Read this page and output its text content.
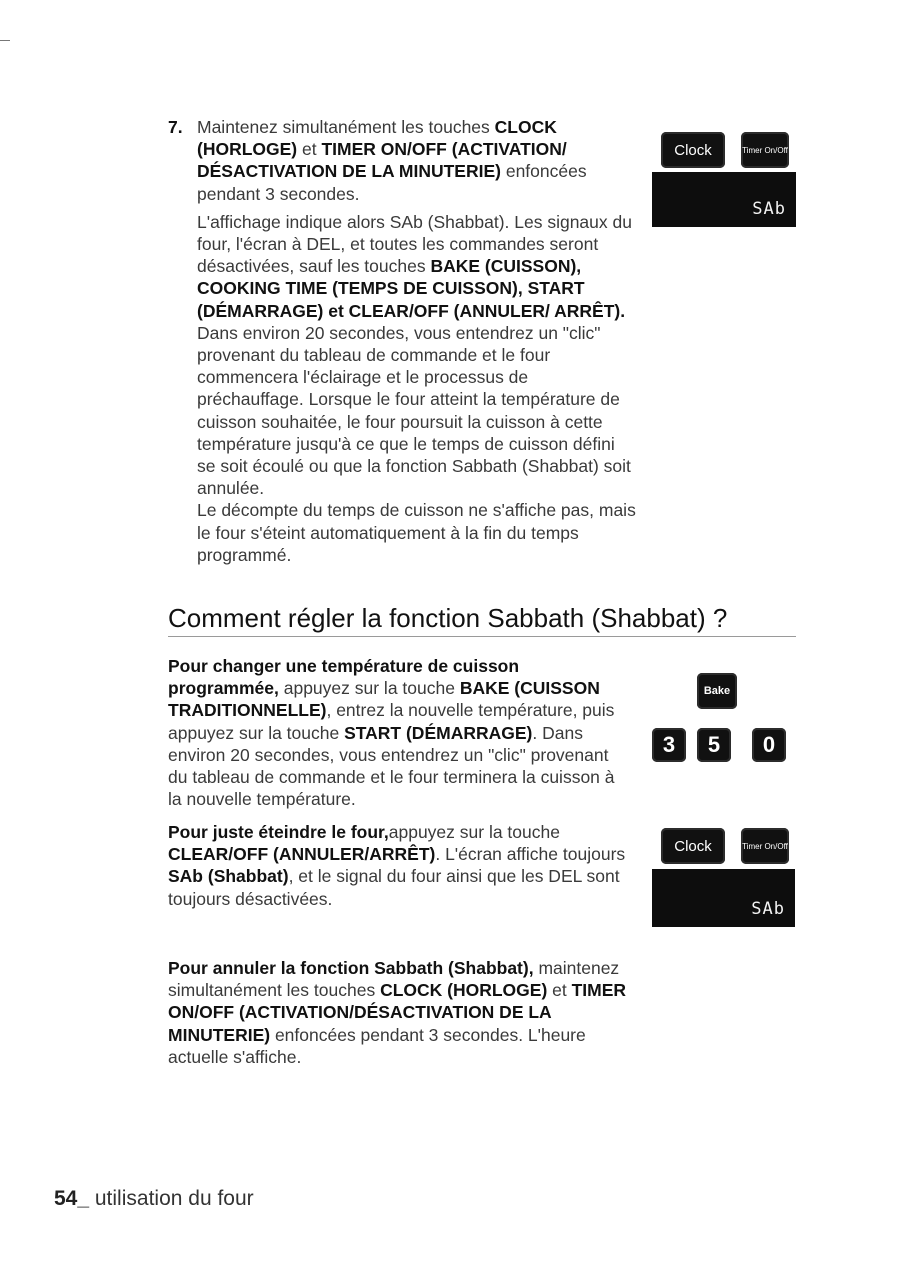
7. Maintenez simultanément les touches CLOCK (HORLOGE) et TIMER ON/OFF (ACTIVATION/ DÉSACTIVATION DE LA MINUTERIE) enfoncées pendant 3 secondes.

L'affichage indique alors SAb (Shabbat). Les signaux du four, l'écran à DEL, et toutes les commandes seront désactivées, sauf les touches BAKE (CUISSON), COOKING TIME (TEMPS DE CUISSON), START (DÉMARRAGE) et CLEAR/OFF (ANNULER/ ARRÊT).

Dans environ 20 secondes, vous entendrez un "clic" provenant du tableau de commande et le four commencera l'éclairage et le processus de préchauffage. Lorsque le four atteint la température de cuisson souhaitée, le four poursuit la cuisson à cette température jusqu'à ce que le temps de cuisson défini se soit écoulé ou que la fonction Sabbath (Shabbat) soit annulée.

Le décompte du temps de cuisson ne s'affiche pas, mais le four s'éteint automatiquement à la fin du temps programmé.

Clock	Timer On/Off
SAb
Comment régler la fonction Sabbath (Shabbat) ?

Pour changer une température de cuisson programmée, appuyez sur la touche BAKE (CUISSON TRADITIONNELLE), entrez la nouvelle température, puis appuyez sur la touche START (DÉMARRAGE). Dans environ 20 secondes, vous entendrez un "clic" provenant du tableau de commande et le four terminera la cuisson à la nouvelle température.

Pour juste éteindre le four,appuyez sur la touche CLEAR/OFF (ANNULER/ARRÊT). L'écran affiche toujours SAb (Shabbat), et le signal du four ainsi que les DEL sont toujours désactivées.

Pour annuler la fonction Sabbath (Shabbat), maintenez simultanément les touches CLOCK (HORLOGE) et TIMER ON/OFF (ACTIVATION/DÉSACTIVATION DE LA MINUTERIE) enfoncées pendant 3 secondes. L'heure actuelle s'affiche.

Bake
3	5	0
Clock	Timer On/Off
SAb
54_ utilisation du four
